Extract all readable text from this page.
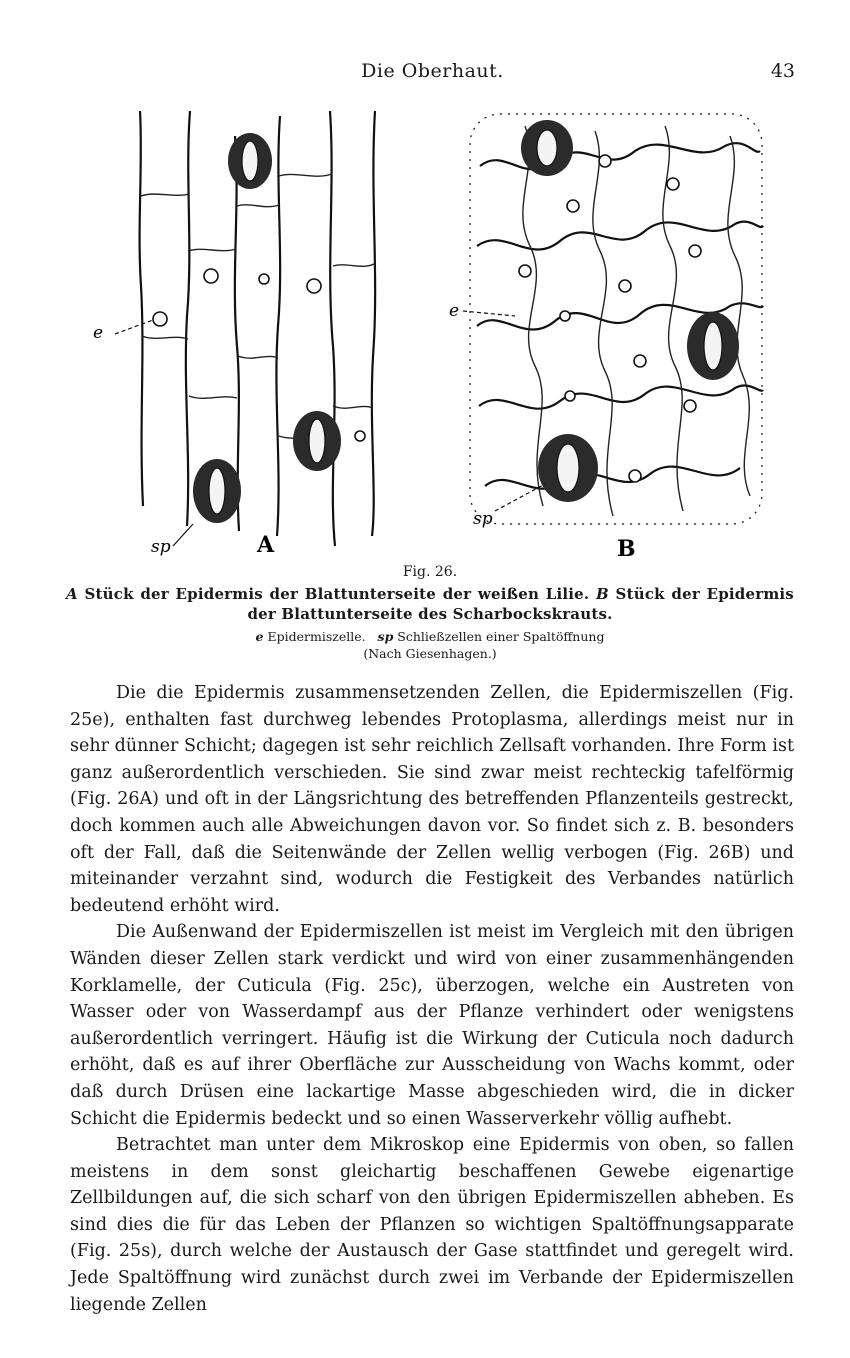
Die Oberhaut.	43
e
sp	A
e
sp
B
Fig. 26.
A Stück der Epidermis der Blattunterseite der weißen Lilie. B Stück der Epidermis der Blattunterseite des Scharbockskrauts.
e Epidermiszelle. sp Schließzellen einer Spaltöffnung
(Nach Giesenhagen.)

Die die Epidermis zusammensetzenden Zellen, die Epidermiszellen (Fig. 25e), enthalten fast durchweg lebendes Protoplasma, allerdings meist nur in sehr dünner Schicht; dagegen ist sehr reichlich Zellsaft vorhanden. Ihre Form ist ganz außerordentlich verschieden. Sie sind zwar meist rechteckig tafelförmig (Fig. 26A) und oft in der Längsrichtung des betreffenden Pflanzenteils gestreckt, doch kommen auch alle Abweichungen davon vor. So findet sich z. B. besonders oft der Fall, daß die Seitenwände der Zellen wellig verbogen (Fig. 26B) und miteinander verzahnt sind, wodurch die Festigkeit des Verbandes natürlich bedeutend erhöht wird.

Die Außenwand der Epidermiszellen ist meist im Vergleich mit den übrigen Wänden dieser Zellen stark verdickt und wird von einer zusammenhängenden Korklamelle, der Cuticula (Fig. 25c), überzogen, welche ein Austreten von Wasser oder von Wasserdampf aus der Pflanze verhindert oder wenigstens außerordentlich verringert. Häufig ist die Wirkung der Cuticula noch dadurch erhöht, daß es auf ihrer Oberfläche zur Ausscheidung von Wachs kommt, oder daß durch Drüsen eine lackartige Masse abgeschieden wird, die in dicker Schicht die Epidermis bedeckt und so einen Wasserverkehr völlig aufhebt.

Betrachtet man unter dem Mikroskop eine Epidermis von oben, so fallen meistens in dem sonst gleichartig beschaffenen Gewebe eigenartige Zellbildungen auf, die sich scharf von den übrigen Epidermiszellen abheben. Es sind dies die für das Leben der Pflanzen so wichtigen Spaltöffnungsapparate (Fig. 25s), durch welche der Austausch der Gase stattfindet und geregelt wird. Jede Spaltöffnung wird zunächst durch zwei im Verbande der Epidermiszellen liegende Zellen
